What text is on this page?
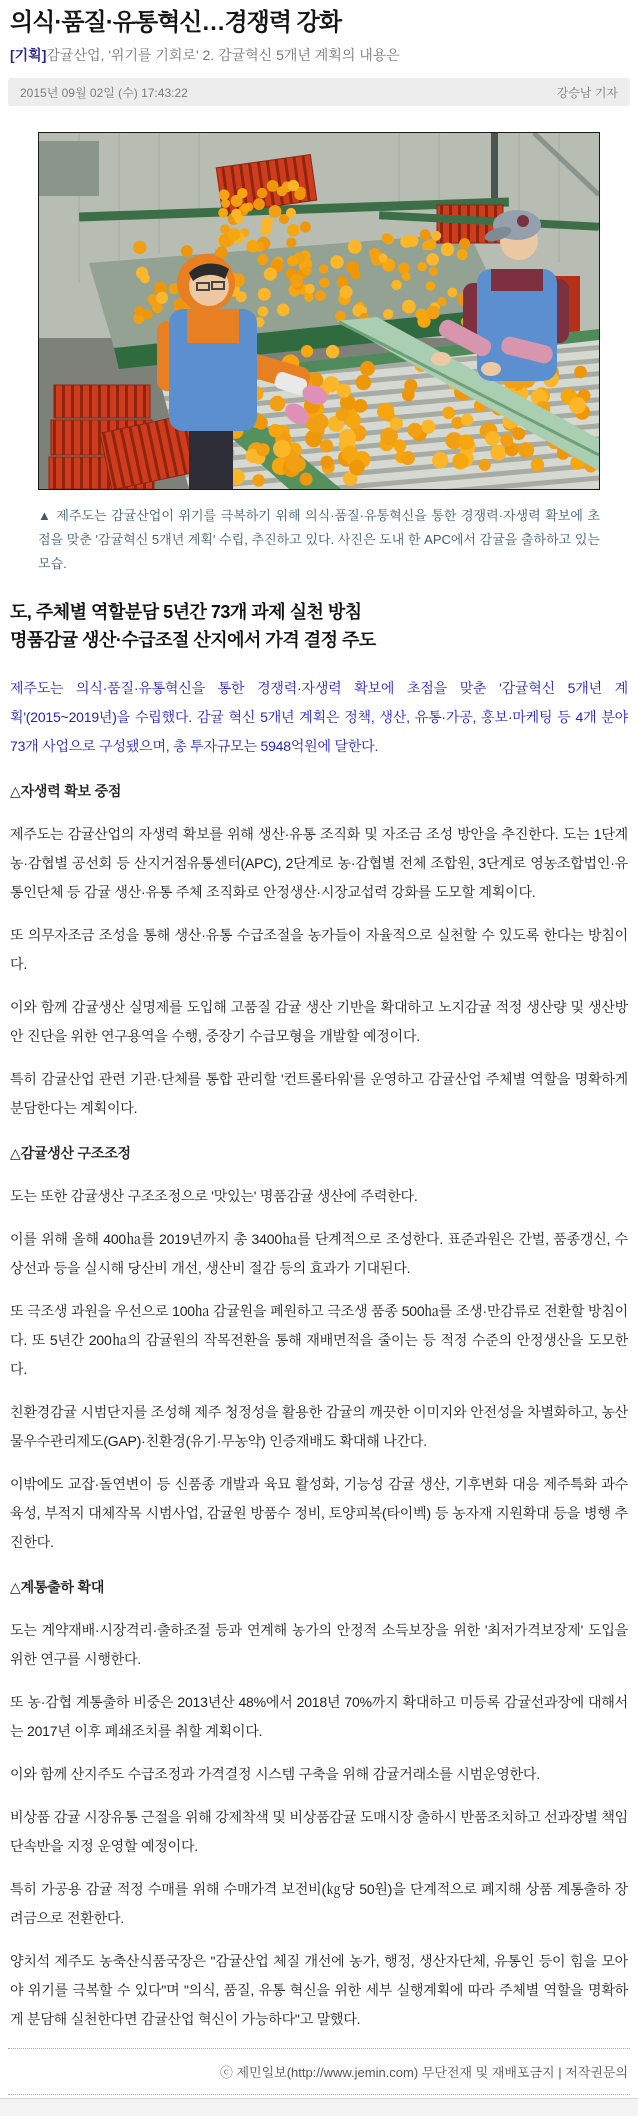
의식·품질·유통혁신…경쟁력 강화
[기획]감귤산업, '위기를 기회로' 2. 감귤혁신 5개년 계획의 내용은
2015년 09월 02일 (수) 17:43:22	강승남 기자
▲ 제주도는 감귤산업이 위기를 극복하기 위해 의식·품질·유통혁신을 통한 경쟁력·자생력 확보에 초점을 맞춘 '감귤혁신 5개년 계획' 수립, 추진하고 있다. 사진은 도내 한 APC에서 감귤을 출하하고 있는 모습.
도, 주체별 역할분담 5년간 73개 과제 실천 방침
명품감귤 생산·수급조절 산지에서 가격 결정 주도

제주도는 의식·품질·유통혁신을 통한 경쟁력·자생력 확보에 초점을 맞춘 '감귤혁신 5개년 계획'(2015~2019년)을 수립했다. 감귤 혁신 5개년 계획은 정책, 생산, 유통·가공, 홍보·마케팅 등 4개 분야 73개 사업으로 구성됐으며, 총 투자규모는 5948억원에 달한다.

△자생력 확보 중점

제주도는 감귤산업의 자생력 확보를 위해 생산·유통 조직화 및 자조금 조성 방안을 추진한다. 도는 1단계 농·감협별 공선회 등 산지거점유통센터(APC), 2단계로 농·감협별 전체 조합원, 3단계로 영농조합법인·유통인단체 등 감귤 생산·유통 주체 조직화로 안정생산·시장교섭력 강화를 도모할 계획이다.

또 의무자조금 조성을 통해 생산·유통 수급조절을 농가들이 자율적으로 실천할 수 있도록 한다는 방침이다.

이와 함께 감귤생산 실명제를 도입해 고품질 감귤 생산 기반을 확대하고 노지감귤 적정 생산량 및 생산방안 진단을 위한 연구용역을 수행, 중장기 수급모형을 개발할 예정이다.

특히 감귤산업 관련 기관·단체를 통합 관리할 '컨트롤타워'를 운영하고 감귤산업 주체별 역할을 명확하게 분담한다는 계획이다.

△감귤생산 구조조정

도는 또한 감귤생산 구조조정으로 '맛있는' 명품감귤 생산에 주력한다.

이를 위해 올해 400㏊를 2019년까지 총 3400㏊를 단계적으로 조성한다. 표준과원은 간벌, 품종갱신, 수상선과 등을 실시해 당산비 개선, 생산비 절감 등의 효과가 기대된다.

또 극조생 과원을 우선으로 100㏊ 감귤원을 폐원하고 극조생 품종 500㏊를 조생·만감류로 전환할 방침이다. 또 5년간 200㏊의 감귤원의 작목전환을 통해 재배면적을 줄이는 등 적정 수준의 안정생산을 도모한다.

친환경감귤 시범단지를 조성해 제주 청정성을 활용한 감귤의 깨끗한 이미지와 안전성을 차별화하고, 농산물우수관리제도(GAP)·친환경(유기·무농약) 인증재배도 확대해 나간다.

이밖에도 교잡·돌연변이 등 신품종 개발과 육묘 활성화, 기능성 감귤 생산, 기후변화 대응 제주특화 과수 육성, 부적지 대체작목 시범사업, 감귤원 방품수 정비, 토양피복(타이벡) 등 농자재 지원확대 등을 병행 추진한다.

△계통출하 확대

도는 계약재배·시장격리·출하조절 등과 연계해 농가의 안정적 소득보장을 위한 '최저가격보장제' 도입을 위한 연구를 시행한다.

또 농·감협 계통출하 비중은 2013년산 48%에서 2018년 70%까지 확대하고 미등록 감귤선과장에 대해서는 2017년 이후 폐쇄조치를 취할 계획이다.

이와 함께 산지주도 수급조정과 가격결정 시스템 구축을 위해 감귤거래소를 시범운영한다.

비상품 감귤 시장유통 근절을 위해 강제착색 및 비상품감귤 도매시장 출하시 반품조치하고 선과장별 책임단속반을 지정 운영할 예정이다.

특히 가공용 감귤 적정 수매를 위해 수매가격 보전비(㎏당 50원)을 단계적으로 폐지해 상품 계통출하 장려금으로 전환한다.

양치석 제주도 농축산식품국장은 "감귤산업 체질 개선에 농가, 행정, 생산자단체, 유통인 등이 힘을 모아야 위기를 극복할 수 있다"며 "의식, 품질, 유통 혁신을 위한 세부 실행계획에 따라 주체별 역할을 명확하게 분담해 실천한다면 감귤산업 혁신이 가능하다"고 말했다.

ⓒ 제민일보(http://www.jemin.com) 무단전재 및 재배포금지 | 저작권문의
